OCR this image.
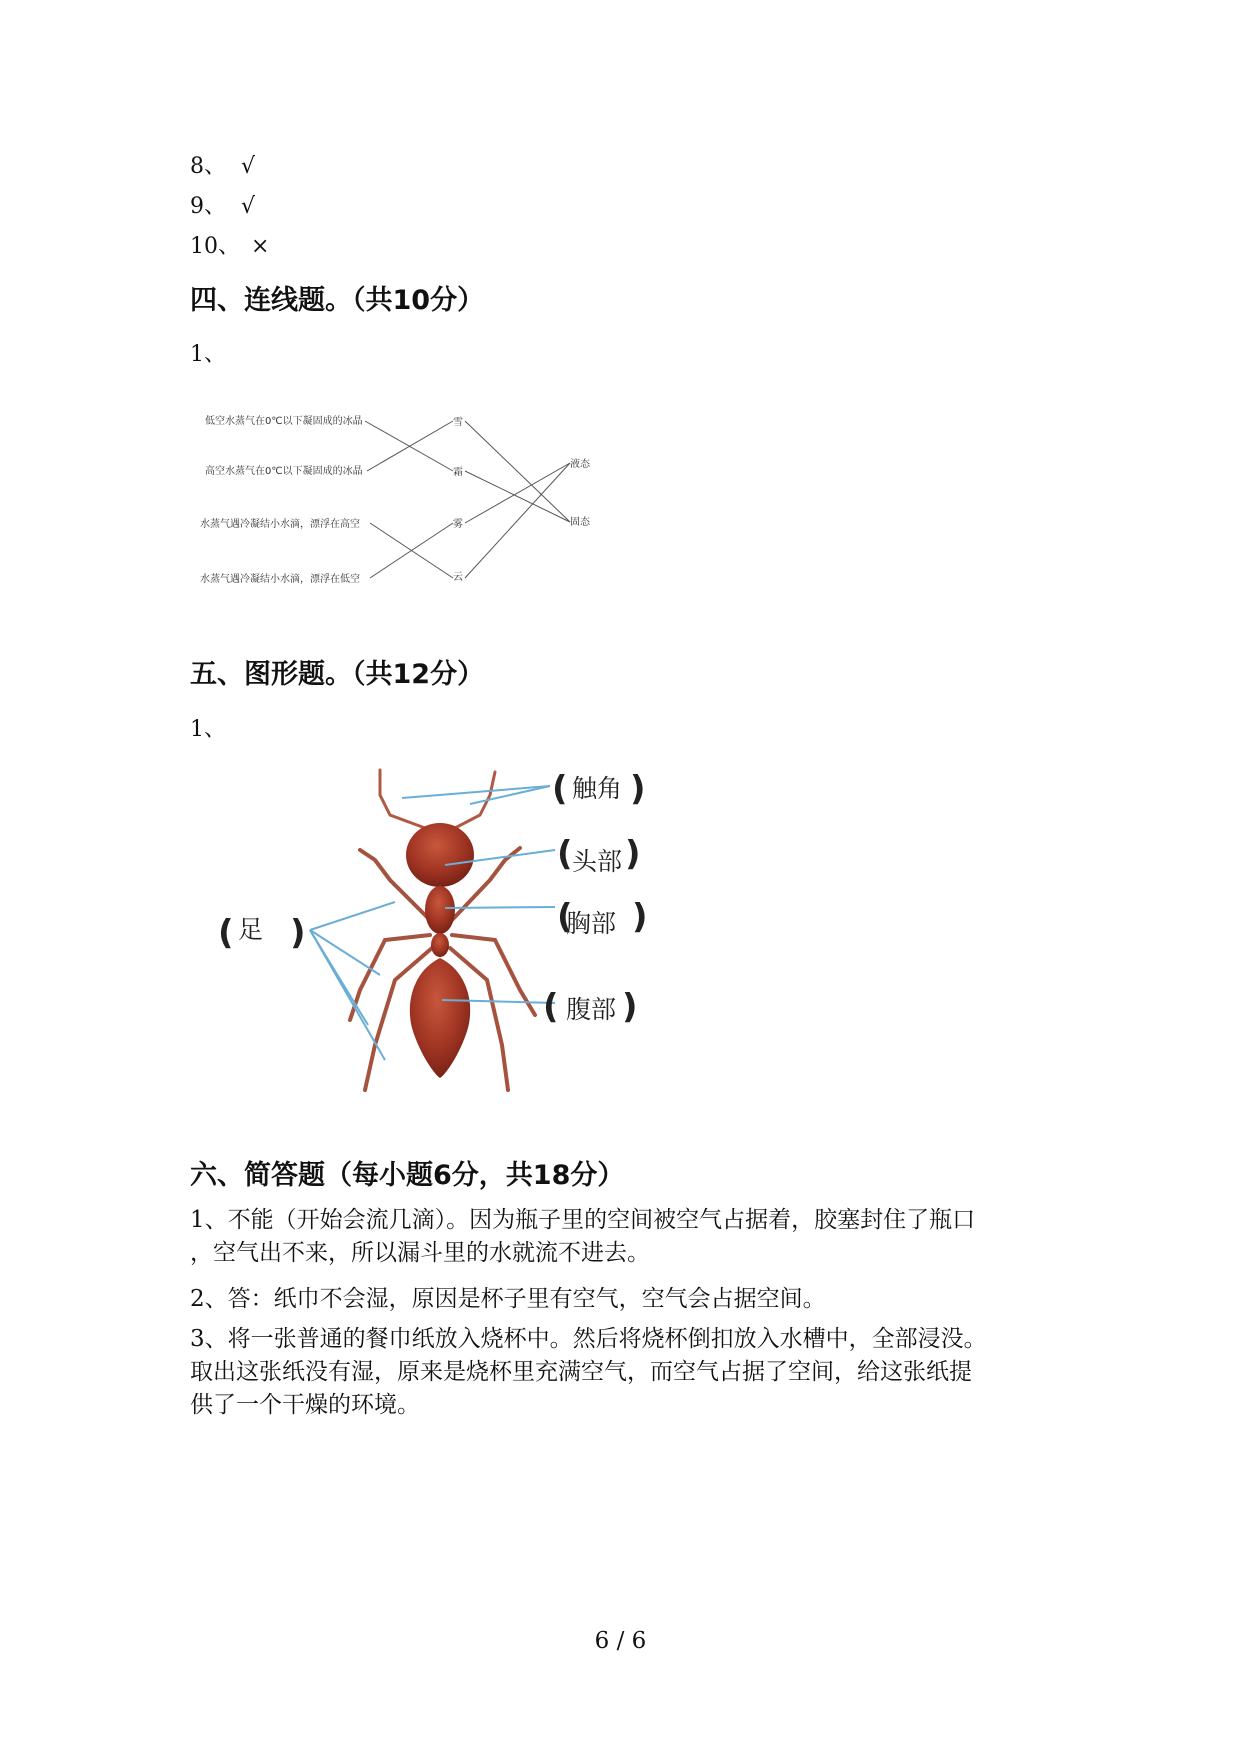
8、 √
9、 √
10、 ×
四、连线题。（共10分）
1、
低空水蒸气在0℃以下凝固成的冰晶
高空水蒸气在0℃以下凝固成的冰晶
水蒸气遇冷凝结小水滴，漂浮在高空
水蒸气遇冷凝结小水滴，漂浮在低空
雪
霜
雾
云
液态
固态
五、图形题。（共12分）
1、
( 触角 )
( 头部 )
(
胸部 )
( 腹部 )
( 足 )
六、简答题（每小题6分，共18分）
1、不能（开始会流几滴）。因为瓶子里的空间被空气占据着，胶塞封住了瓶口
，空气出不来，所以漏斗里的水就流不进去。
2、答：纸巾不会湿，原因是杯子里有空气，空气会占据空间。
3、将一张普通的餐巾纸放入烧杯中。然后将烧杯倒扣放入水槽中，全部浸没。
取出这张纸没有湿，原来是烧杯里充满空气，而空气占据了空间，给这张纸提
供了一个干燥的环境。
6 / 6
